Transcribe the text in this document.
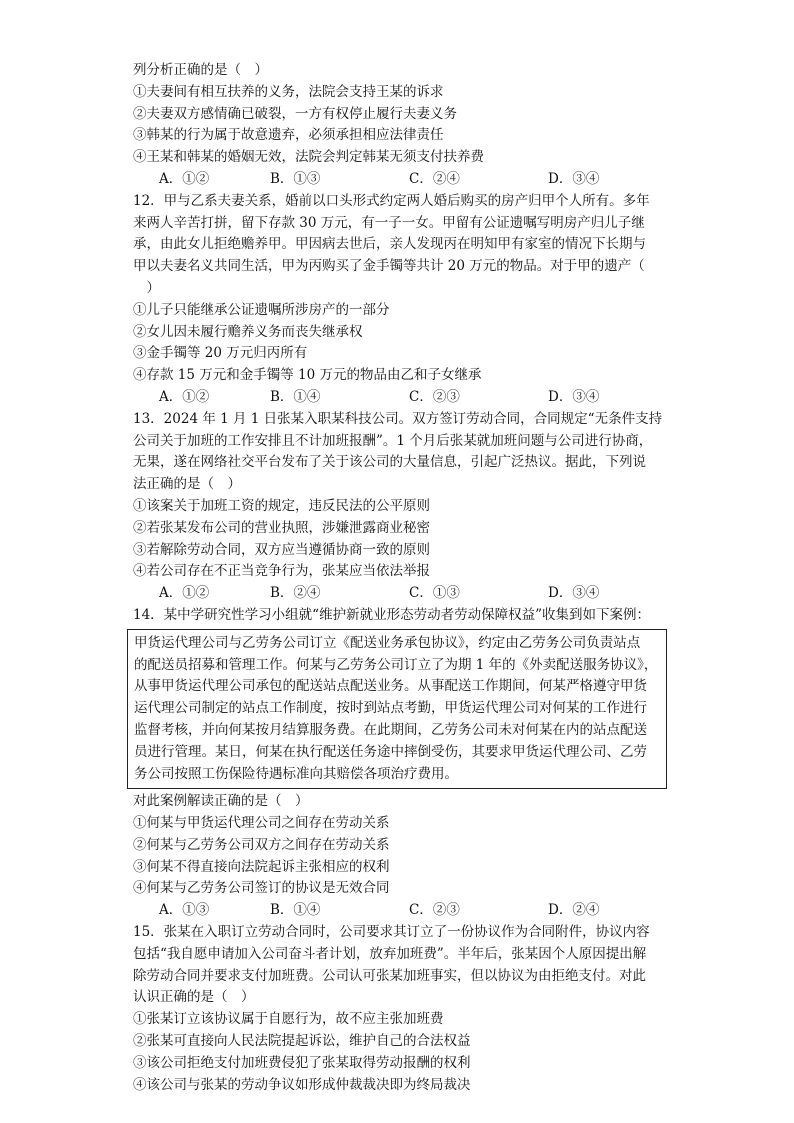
列分析正确的是（　）
①夫妻间有相互扶养的义务，法院会支持王某的诉求
②夫妻双方感情确已破裂，一方有权停止履行夫妻义务
③韩某的行为属于故意遗弃，必须承担相应法律责任
④王某和韩某的婚姻无效，法院会判定韩某无须支付扶养费
A．①②	B．①③	C．②④	D．③④
12．甲与乙系夫妻关系，婚前以口头形式约定两人婚后购买的房产归甲个人所有。多年
来两人辛苦打拼，留下存款 30 万元，有一子一女。甲留有公证遗嘱写明房产归儿子继
承，由此女儿拒绝赡养甲。甲因病去世后，亲人发现丙在明知甲有家室的情况下长期与
甲以夫妻名义共同生活，甲为丙购买了金手镯等共计 20 万元的物品。对于甲的遗产（
　）
①儿子只能继承公证遗嘱所涉房产的一部分
②女儿因未履行赡养义务而丧失继承权
③金手镯等 20 万元归丙所有
④存款 15 万元和金手镯等 10 万元的物品由乙和子女继承
A．①②	B．①④	C．②③	D．③④
13．2024 年 1 月 1 日张某入职某科技公司。双方签订劳动合同，合同规定“无条件支持
公司关于加班的工作安排且不计加班报酬”。1 个月后张某就加班问题与公司进行协商，
无果，遂在网络社交平台发布了关于该公司的大量信息，引起广泛热议。据此，下列说
法正确的是（　）
①该案关于加班工资的规定，违反民法的公平原则
②若张某发布公司的营业执照，涉嫌泄露商业秘密
③若解除劳动合同，双方应当遵循协商一致的原则
④若公司存在不正当竞争行为，张某应当依法举报
A．①②	B．②④	C．①③	D．③④
14．某中学研究性学习小组就“维护新就业形态劳动者劳动保障权益”收集到如下案例：
甲货运代理公司与乙劳务公司订立《配送业务承包协议》，约定由乙劳务公司负责站点
的配送员招募和管理工作。何某与乙劳务公司订立了为期 1 年的《外卖配送服务协议》，
从事甲货运代理公司承包的配送站点配送业务。从事配送工作期间，何某严格遵守甲货
运代理公司制定的站点工作制度，按时到站点考勤，甲货运代理公司对何某的工作进行
监督考核，并向何某按月结算服务费。在此期间，乙劳务公司未对何某在内的站点配送
员进行管理。某日，何某在执行配送任务途中摔倒受伤，其要求甲货运代理公司、乙劳
务公司按照工伤保险待遇标准向其赔偿各项治疗费用。
对此案例解读正确的是（　）
①何某与甲货运代理公司之间存在劳动关系
②何某与乙劳务公司双方之间存在劳动关系
③何某不得直接向法院起诉主张相应的权利
④何某与乙劳务公司签订的协议是无效合同
A．①③	B．①④	C．②③	D．②④
15．张某在入职订立劳动合同时，公司要求其订立了一份协议作为合同附件，协议内容
包括“我自愿申请加入公司奋斗者计划，放弃加班费”。半年后，张某因个人原因提出解
除劳动合同并要求支付加班费。公司认可张某加班事实，但以协议为由拒绝支付。对此
认识正确的是（　）
①张某订立该协议属于自愿行为，故不应主张加班费
②张某可直接向人民法院提起诉讼，维护自己的合法权益
③该公司拒绝支付加班费侵犯了张某取得劳动报酬的权利
④该公司与张某的劳动争议如形成仲裁裁决即为终局裁决
